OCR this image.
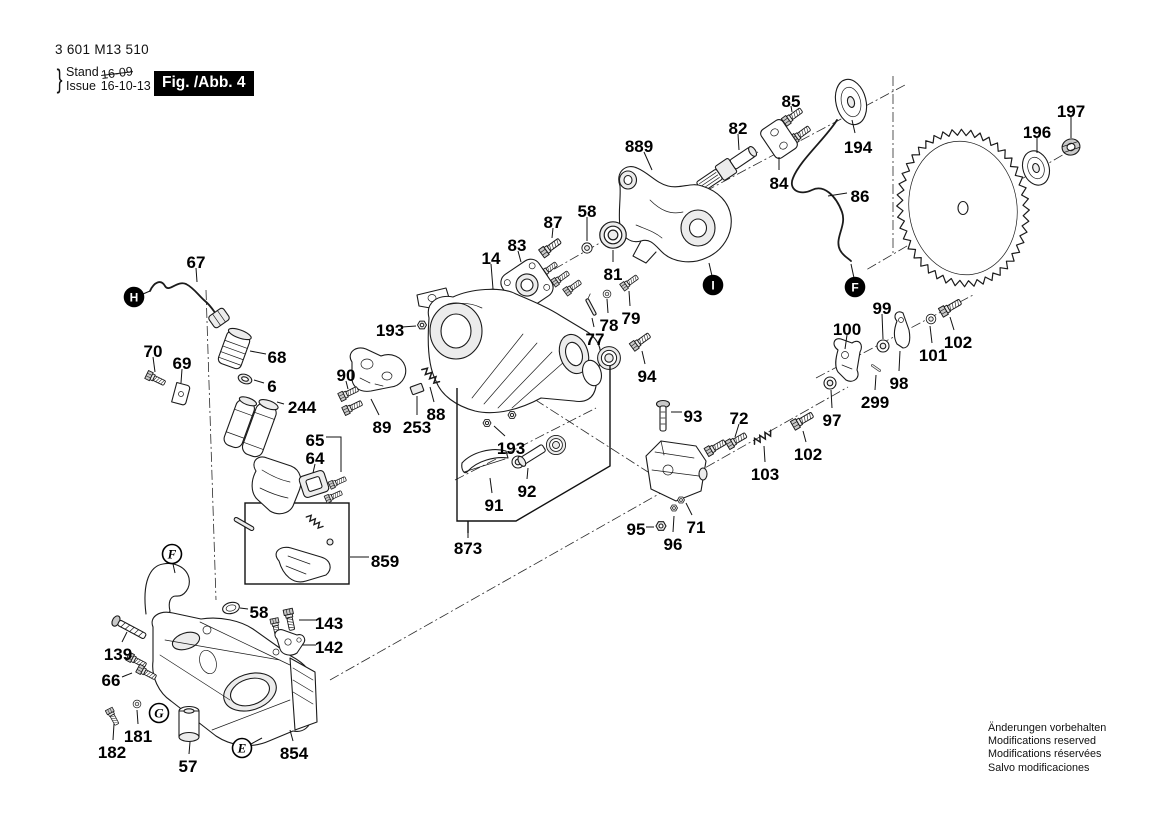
3 601 M13 510
Stand
}	16-09
Issue 16-10-13 Fig. /Abb. 4
Änderungen vorbehalten
Modifications reserved
Modifications réservées
Salvo modificaciones
H
I	F
F
G
E
889
82
85
194
84
86
196
197
87
58
83
14
81
79
78
77
67
70
69	68
6
244
193
90
89 253
88
65
64
859
873
193
91
92
94
93 72
103
102
97
95
96
71
100
99
101
102
98
299
139
66
58
143
142
181
182
57
854
